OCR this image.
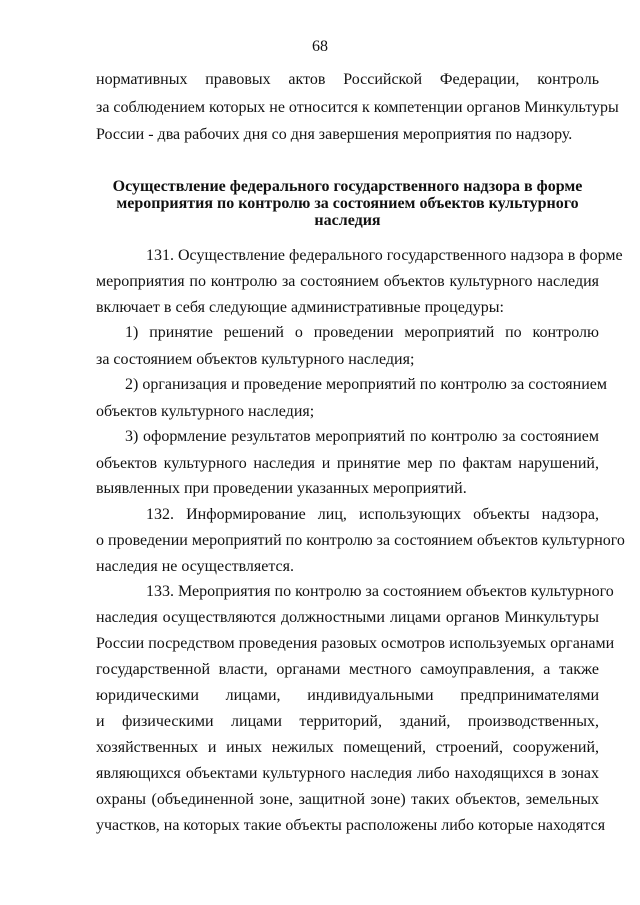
68
нормативных правовых актов Российской Федерации, контроль
за соблюдением которых не относится к компетенции органов Минкультуры
России - два рабочих дня со дня завершения мероприятия по надзору.
Осуществление федерального государственного надзора в форме
мероприятия по контролю за состоянием объектов культурного
наследия
131. Осуществление федерального государственного надзора в форме
мероприятия по контролю за состоянием объектов культурного наследия
включает в себя следующие административные процедуры:
1) принятие решений о проведении мероприятий по контролю
за состоянием объектов культурного наследия;
2) организация и проведение мероприятий по контролю за состоянием
объектов культурного наследия;
3) оформление результатов мероприятий по контролю за состоянием
объектов культурного наследия и принятие мер по фактам нарушений,
выявленных при проведении указанных мероприятий.
132. Информирование лиц, использующих объекты надзора,
о проведении мероприятий по контролю за состоянием объектов культурного
наследия не осуществляется.
133. Мероприятия по контролю за состоянием объектов культурного
наследия осуществляются должностными лицами органов Минкультуры
России посредством проведения разовых осмотров используемых органами
государственной власти, органами местного самоуправления, а также
юридическими лицами, индивидуальными предпринимателями
и физическими лицами территорий, зданий, производственных,
хозяйственных и иных нежилых помещений, строений, сооружений,
являющихся объектами культурного наследия либо находящихся в зонах
охраны (объединенной зоне, защитной зоне) таких объектов, земельных
участков, на которых такие объекты расположены либо которые находятся
